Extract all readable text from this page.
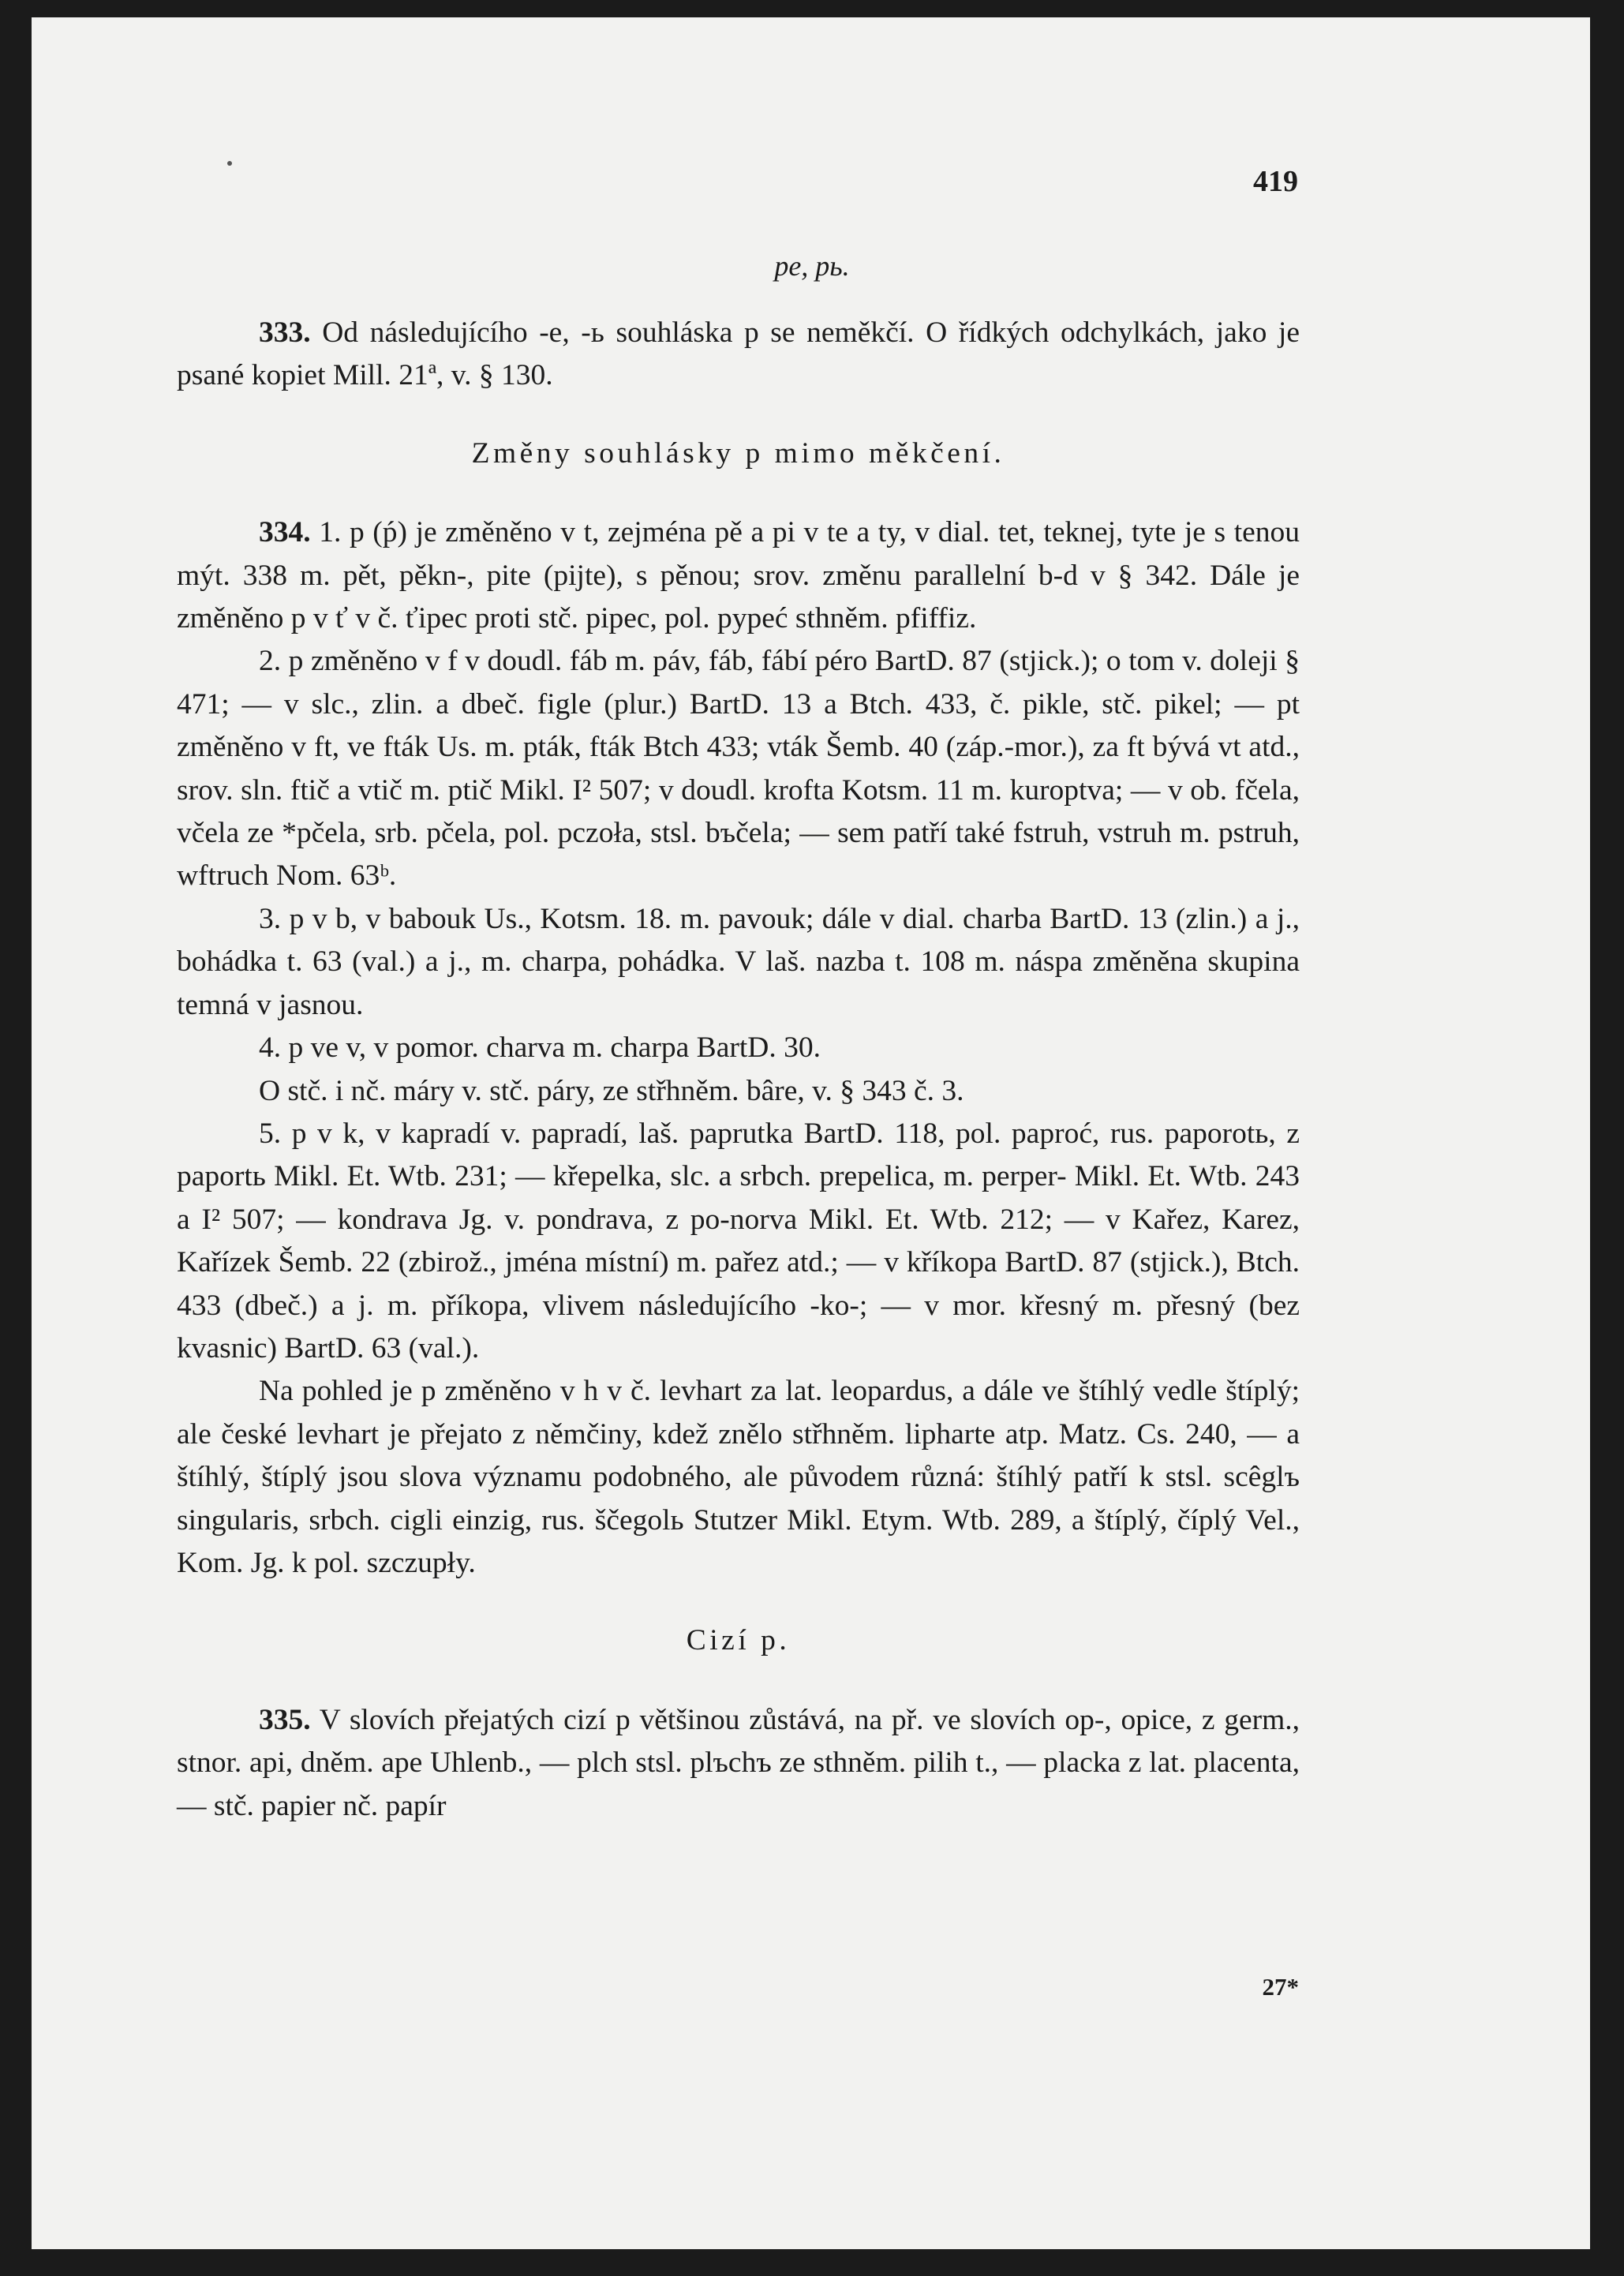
419
pe, pь.

333. Od následujícího -e, -ь souhláska p se neměkčí. O řídkých odchylkách, jako je psané kopiet Mill. 21ª, v. § 130.

Změny souhlásky p mimo měkčení.

334. 1. p (ṕ) je změněno v t, zejména pě a pi v te a ty, v dial. tet, teknej, tyte je s tenou mýt. 338 m. pět, pěkn-, pite (pijte), s pěnou; srov. změnu parallelní b-d v § 342. Dále je změněno p v ť v č. ťipec proti stč. pipec, pol. pypeć sthněm. pfiffiz.

2. p změněno v f v doudl. fáb m. páv, fáb, fábí péro BartD. 87 (stjick.); o tom v. doleji § 471; — v slc., zlin. a dbeč. figle (plur.) BartD. 13 a Btch. 433, č. pikle, stč. pikel; — pt změněno v ft, ve fták Us. m. pták, fták Btch 433; vták Šemb. 40 (záp.-mor.), za ft bývá vt atd., srov. sln. ftič a vtič m. ptič Mikl. I² 507; v doudl. krofta Kotsm. 11 m. kuroptva; — v ob. fčela, včela ze *pčela, srb. pčela, pol. pczoła, stsl. bъčela; — sem patří také fstruh, vstruh m. pstruh, wftruch Nom. 63ᵇ.

3. p v b, v babouk Us., Kotsm. 18. m. pavouk; dále v dial. charba BartD. 13 (zlin.) a j., bohádka t. 63 (val.) a j., m. charpa, pohádka. V laš. nazba t. 108 m. náspa změněna skupina temná v jasnou.

4. p ve v, v pomor. charva m. charpa BartD. 30.

O stč. i nč. máry v. stč. páry, ze střhněm. bâre, v. § 343 č. 3.

5. p v k, v kapradí v. papradí, laš. paprutka BartD. 118, pol. paproć, rus. paporotь, z paportь Mikl. Et. Wtb. 231; — křepelka, slc. a srbch. prepelica, m. perper- Mikl. Et. Wtb. 243 a I² 507; — kondrava Jg. v. pondrava, z po-norva Mikl. Et. Wtb. 212; — v Kařez, Karez, Kařízek Šemb. 22 (zbirož., jména místní) m. pařez atd.; — v kříkopa BartD. 87 (stjick.), Btch. 433 (dbeč.) a j. m. příkopa, vlivem následujícího -ko-; — v mor. křesný m. přesný (bez kvasnic) BartD. 63 (val.).

Na pohled je p změněno v h v č. levhart za lat. leopardus, a dále ve štíhlý vedle štíplý; ale české levhart je přejato z němčiny, kdež znělo střhněm. lipharte atp. Matz. Cs. 240, — a štíhlý, štíplý jsou slova významu podobného, ale původem různá: štíhlý patří k stsl. scêglъ singularis, srbch. cigli einzig, rus. ščegolь Stutzer Mikl. Etym. Wtb. 289, a štíplý, číplý Vel., Kom. Jg. k pol. szczupły.

Cizí p.

335. V slovích přejatých cizí p většinou zůstává, na př. ve slovích op-, opice, z germ., stnor. api, dněm. ape Uhlenb., — plch stsl. plъchъ ze sthněm. pilih t., — placka z lat. placenta, — stč. papier nč. papír

27*
